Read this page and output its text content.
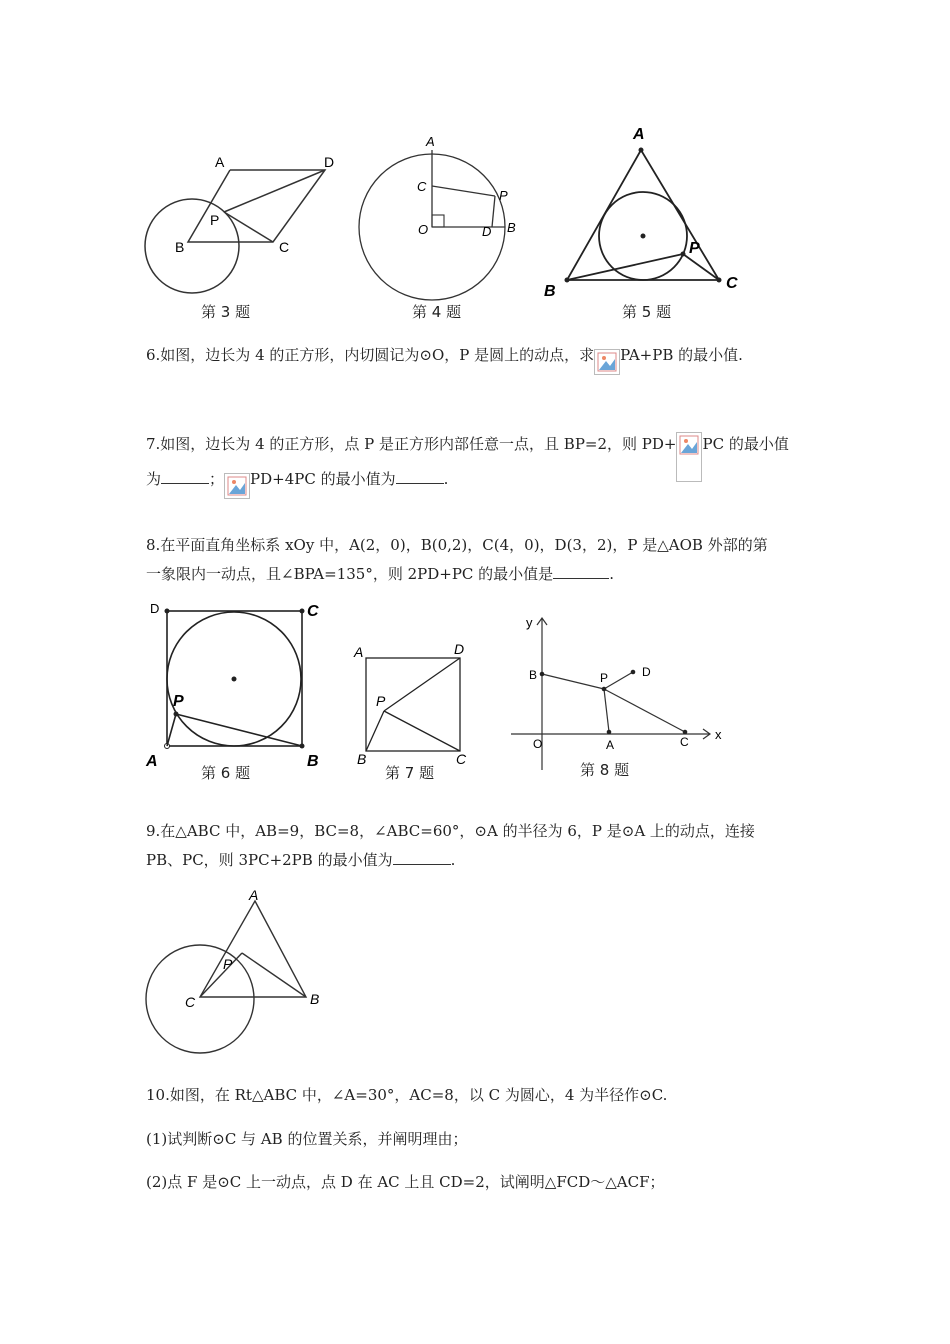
A	D
P
B	C
第 3 题
A
C
P
O	D B
第 4 题
A
B	C
P
第 5 题
6.如图，边长为 4 的正方形，内切圆记为⊙O，P 是圆上的动点，求 PA+PB 的最小值.
7.如图，边长为 4 的正方形，点 P 是正方形内部任意一点，且 BP=2，则 PD+ PC 的最小值
为	； PD+4PC 的最小值为	.
8.在平面直角坐标系 xOy 中，A(2，0)，B(0,2)，C(4，0)，D(3，2)，P 是△AOB 外部的第
一象限内一动点，且∠BPA=135°，则 2PD+PC 的最小值是	.
D	C
P
A	B
第 6 题
A	D
P
B	C
第 7 题
y
x
B	P	D
O	A	C
第 8 题
9.在△ABC 中，AB=9，BC=8，∠ABC=60°，⊙A 的半径为 6，P 是⊙A 上的动点，连接
PB、PC，则 3PC+2PB 的最小值为	.
A
P
C	B
10.如图，在 Rt△ABC 中，∠A=30°，AC=8，以 C 为圆心，4 为半径作⊙C.
(1)试判断⊙C 与 AB 的位置关系，并阐明理由；
(2)点 F 是⊙C 上一动点，点 D 在 AC 上且 CD=2，试阐明△FCD～△ACF；
